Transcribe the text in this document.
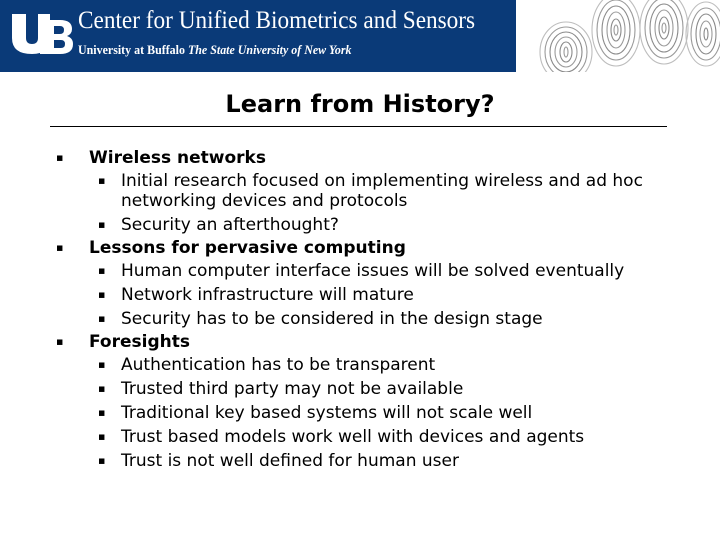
Center for Unified Biometrics and Sensors
University at Buffalo The State University of New York
Learn from History?
▪ Wireless networks
▪ Initial research focused on implementing wireless and ad hoc networking devices and protocols
▪ Security an afterthought?
▪ Lessons for pervasive computing
▪ Human computer interface issues will be solved eventually
▪ Network infrastructure will mature
▪ Security has to be considered in the design stage
▪ Foresights
▪ Authentication has to be transparent
▪ Trusted third party may not be available
▪ Traditional key based systems will not scale well
▪ Trust based models work well with devices and agents
▪ Trust is not well defined for human user
